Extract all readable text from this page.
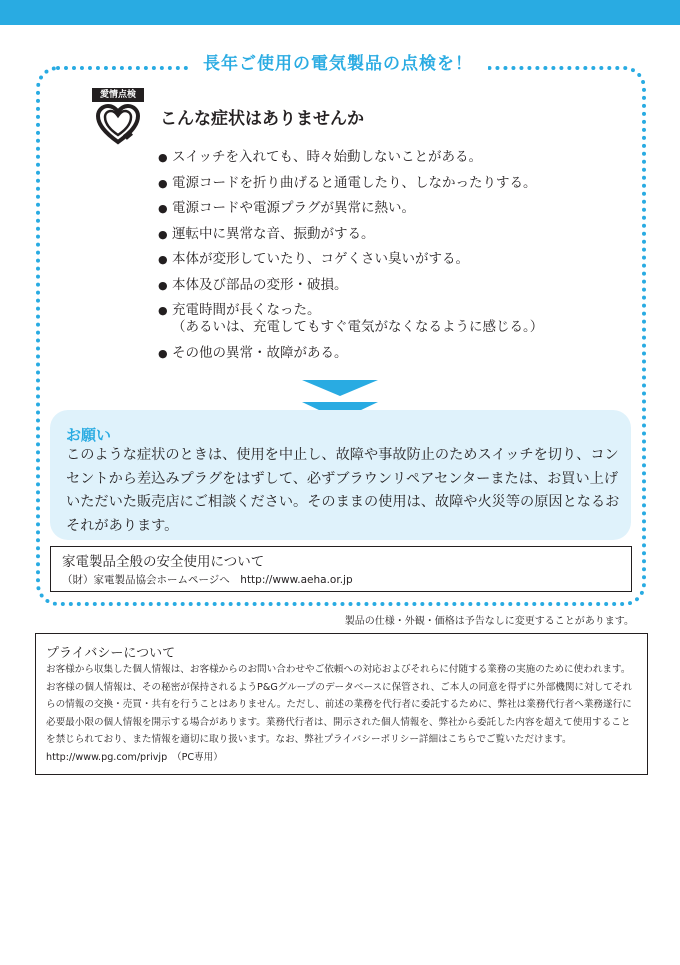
長年ご使用の電気製品の点検を！
愛情点検
こんな症状はありませんか
● スイッチを入れても、時々始動しないことがある。
● 電源コードを折り曲げると通電したり、しなかったりする。
● 電源コードや電源プラグが異常に熱い。
● 運転中に異常な音、振動がする。
● 本体が変形していたり、コゲくさい臭いがする。
● 本体及び部品の変形・破損。
● 充電時間が長くなった。
（あるいは、充電してもすぐ電気がなくなるように感じる。）
● その他の異常・故障がある。
お願い
このような症状のときは、使用を中止し、故障や事故防止のためスイッチを切り、コンセントから差込みプラグをはずして、必ずブラウンリペアセンターまたは、お買い上げいただいた販売店にご相談ください。そのままの使用は、故障や火災等の原因となるおそれがあります。
家電製品全般の安全使用について
（財）家電製品協会ホームページへ　http://www.aeha.or.jp
製品の仕様・外観・価格は予告なしに変更することがあります。
プライバシーについて
お客様から収集した個人情報は、お客様からのお問い合わせやご依頼への対応およびそれらに付随する業務の実施のために使われます。お客様の個人情報は、その秘密が保持されるようP&Gグループのデータベースに保管され、ご本人の同意を得ずに外部機関に対してそれらの情報の交換・売買・共有を行うことはありません。ただし、前述の業務を代行者に委託するために、弊社は業務代行者へ業務遂行に必要最小限の個人情報を開示する場合があります。業務代行者は、開示された個人情報を、弊社から委託した内容を超えて使用することを禁じられており、また情報を適切に取り扱います。なお、弊社プライバシーポリシー詳細はこちらでご覧いただけます。http://www.pg.com/privjp　（PC専用）
